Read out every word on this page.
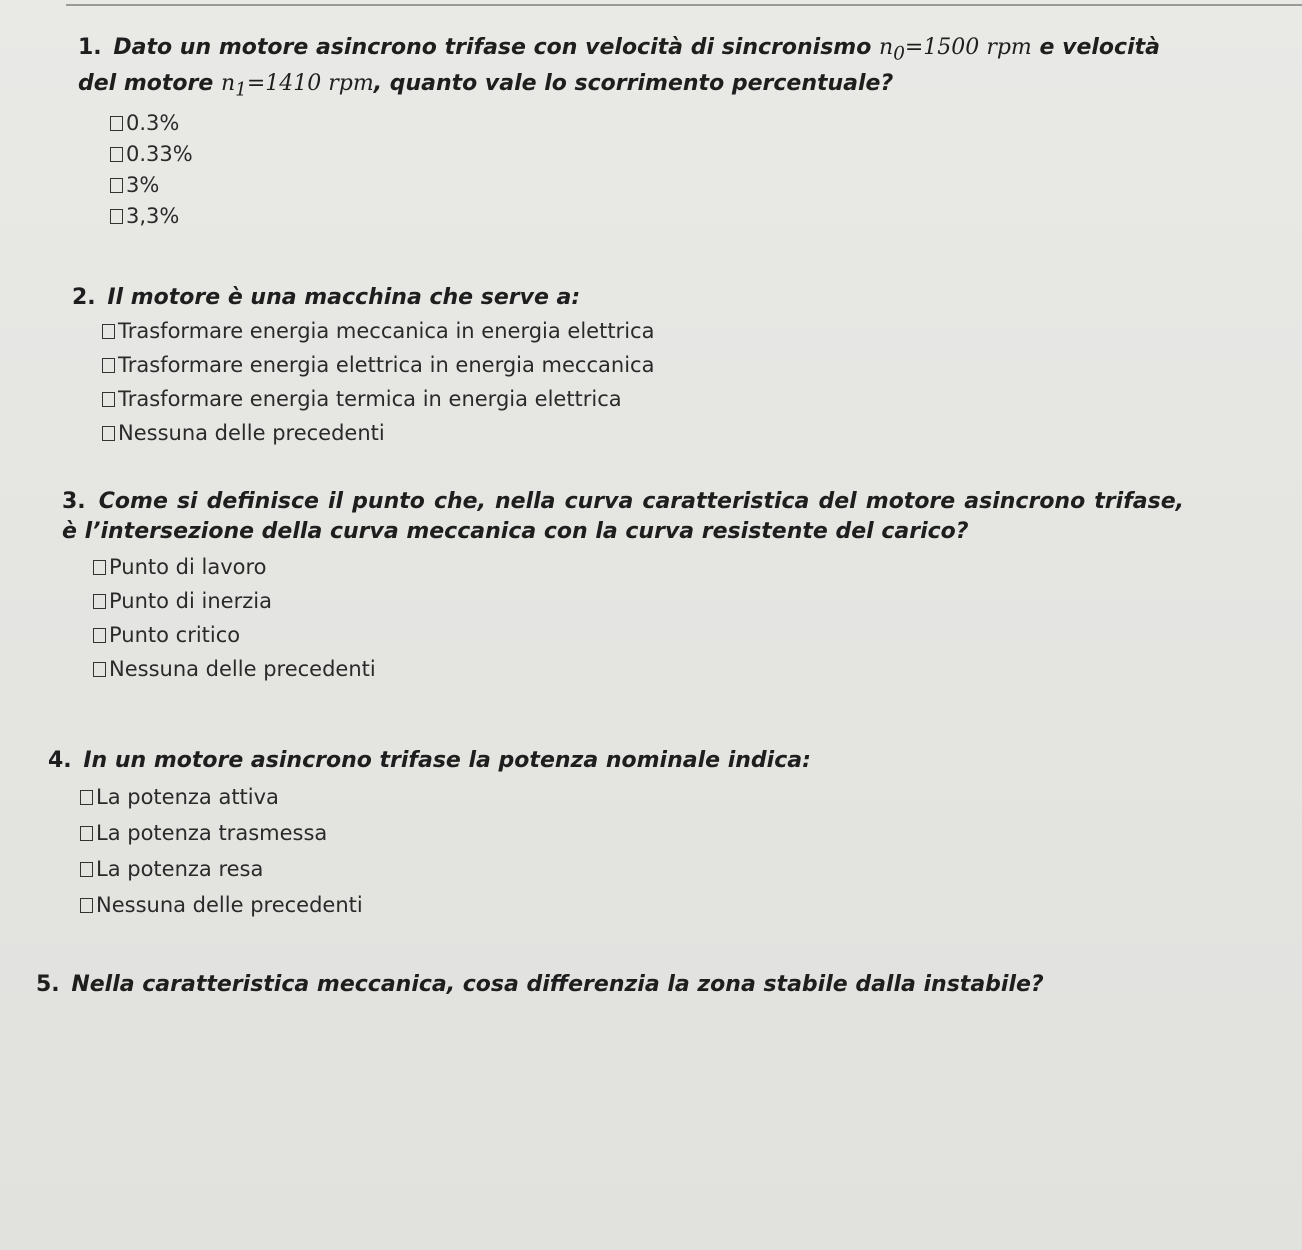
1. Dato un motore asincrono trifase con velocità di sincronismo $n_0=1500$ rpm e velocità del motore $n_1=1410$ rpm, quanto vale lo scorrimento percentuale?

0.3%
0.33%
3%
3,3%

2. Il motore è una macchina che serve a:

Trasformare energia meccanica in energia elettrica
Trasformare energia elettrica in energia meccanica
Trasformare energia termica in energia elettrica
Nessuna delle precedenti

3. Come si definisce il punto che, nella curva caratteristica del motore asincrono trifase, è l’intersezione della curva meccanica con la curva resistente del carico?

Punto di lavoro
Punto di inerzia
Punto critico
Nessuna delle precedenti

4. In un motore asincrono trifase la potenza nominale indica:

La potenza attiva
La potenza trasmessa
La potenza resa
Nessuna delle precedenti

5. Nella caratteristica meccanica, cosa differenzia la zona stabile dalla instabile?
